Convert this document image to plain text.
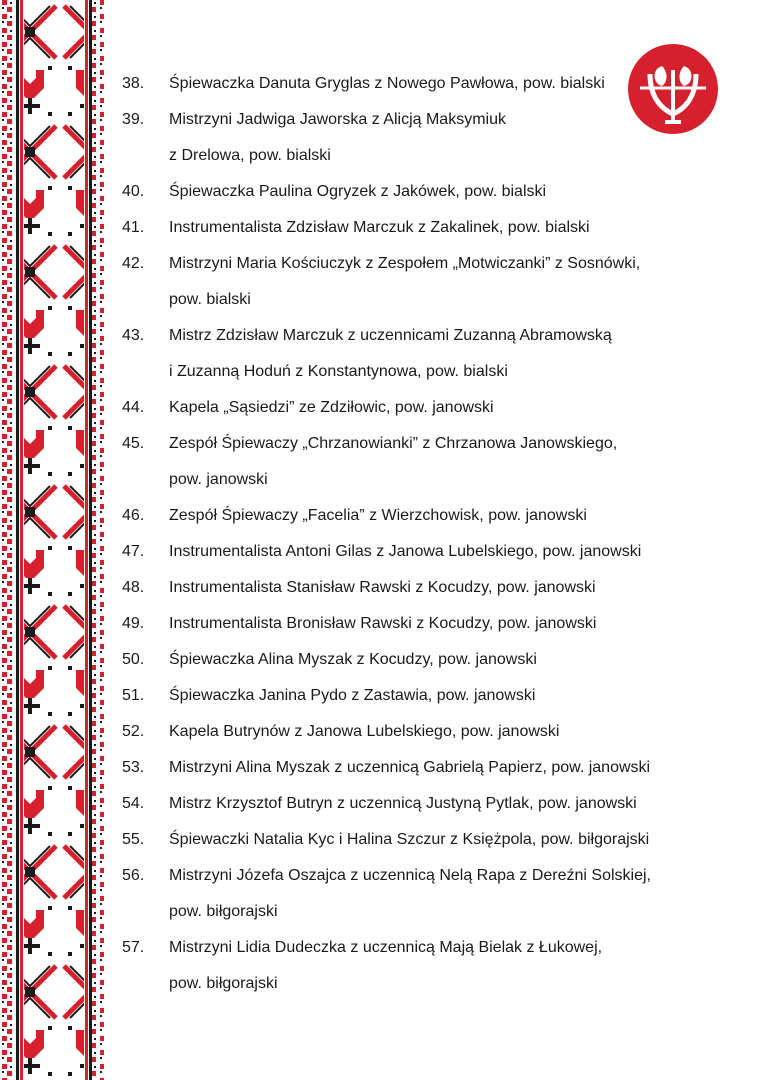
38. Śpiewaczka Danuta Gryglas z Nowego Pawłowa, pow. bialski
39. Mistrzyni Jadwiga Jaworska z Alicją Maksymiuk
z Drelowa, pow. bialski
40. Śpiewaczka Paulina Ogryzek z Jakówek, pow. bialski
41. Instrumentalista Zdzisław Marczuk z Zakalinek, pow. bialski
42. Mistrzyni Maria Kościuczyk z Zespołem „Motwiczanki” z Sosnówki,
pow. bialski
43. Mistrz Zdzisław Marczuk z uczennicami Zuzanną Abramowską
i Zuzanną Hoduń z Konstantynowa, pow. bialski
44. Kapela „Sąsiedzi” ze Zdziłowic, pow. janowski
45. Zespół Śpiewaczy „Chrzanowianki” z Chrzanowa Janowskiego,
pow. janowski
46. Zespół Śpiewaczy „Facelia” z Wierzchowisk, pow. janowski
47. Instrumentalista Antoni Gilas z Janowa Lubelskiego, pow. janowski
48. Instrumentalista Stanisław Rawski z Kocudzy, pow. janowski
49. Instrumentalista Bronisław Rawski z Kocudzy, pow. janowski
50. Śpiewaczka Alina Myszak z Kocudzy, pow. janowski
51. Śpiewaczka Janina Pydo z Zastawia, pow. janowski
52. Kapela Butrynów z Janowa Lubelskiego, pow. janowski
53. Mistrzyni Alina Myszak z uczennicą Gabrielą Papierz, pow. janowski
54. Mistrz Krzysztof Butryn z uczennicą Justyną Pytlak, pow. janowski
55. Śpiewaczki Natalia Kyc i Halina Szczur z Księżpola, pow. biłgorajski
56. Mistrzyni Józefa Oszajca z uczennicą Nelą Rapa z Dereźni Solskiej,
pow. biłgorajski
57. Mistrzyni Lidia Dudeczka z uczennicą Mają Bielak z Łukowej,
pow. biłgorajski
